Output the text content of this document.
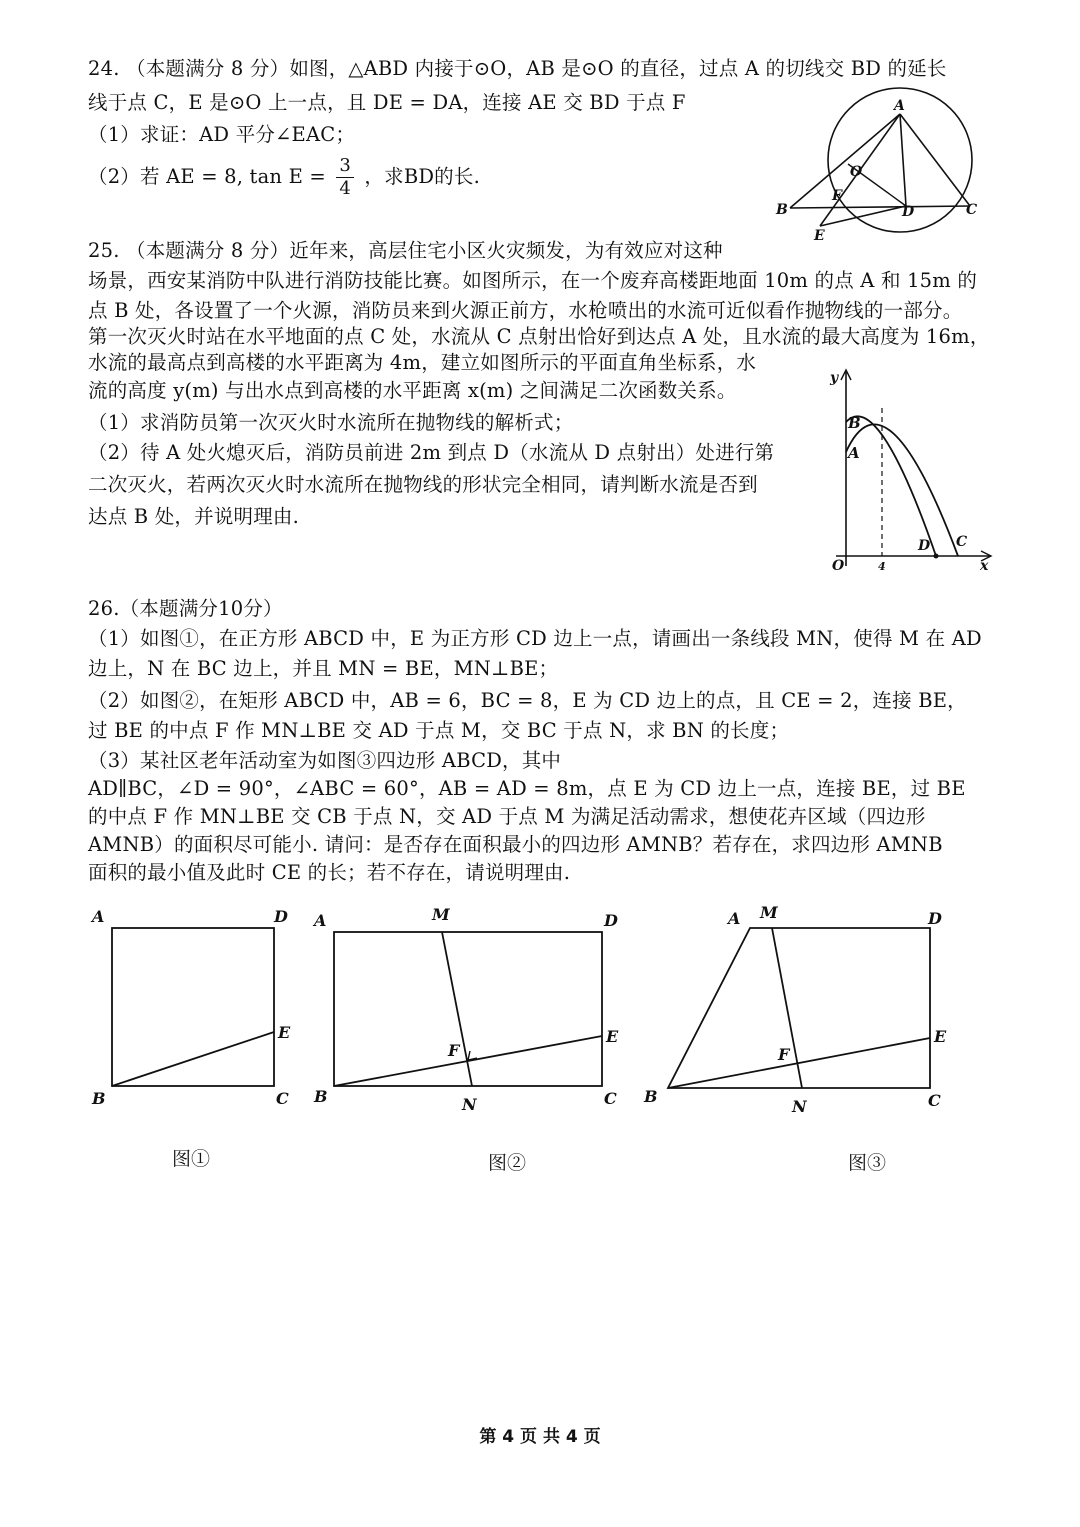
24. （本题满分 8 分）如图，△ABD 内接于⊙O，AB 是⊙O 的直径，过点 A 的切线交 BD 的延长
线于点 C，E 是⊙O 上一点，且 DE = DA，连接 AE 交 BD 于点 F
（1）求证：AD 平分∠EAC；
（2）若 AE = 8, $\tan E = \frac{3}{4}$ ，求BD的长.
A
B	C
D
E
F
O
25. （本题满分 8 分）近年来，高层住宅小区火灾频发，为有效应对这种
场景，西安某消防中队进行消防技能比赛。如图所示，在一个废弃高楼距地面 10m 的点 A 和 15m 的
点 B 处，各设置了一个火源，消防员来到火源正前方，水枪喷出的水流可近似看作抛物线的一部分。
第一次灭火时站在水平地面的点 C 处，水流从 C 点射出恰好到达点 A 处，且水流的最大高度为 16m，
水流的最高点到高楼的水平距离为 4m，建立如图所示的平面直角坐标系，水
流的高度 y(m) 与出水点到高楼的水平距离 x(m) 之间满足二次函数关系。
（1）求消防员第一次灭火时水流所在抛物线的解析式；
（2）待 A 处火熄灭后，消防员前进 2m 到点 D（水流从 D 点射出）处进行第
二次灭火，若两次灭火时水流所在抛物线的形状完全相同，请判断水流是否到
达点 B 处，并说明理由.
y
x
O
B
A
D C
4
26.（本题满分10分）
（1）如图①，在正方形 ABCD 中，E 为正方形 CD 边上一点，请画出一条线段 MN，使得 M 在 AD
边上，N 在 BC 边上，并且 MN = BE，MN⊥BE；
（2）如图②，在矩形 ABCD 中，AB = 6，BC = 8，E 为 CD 边上的点，且 CE = 2，连接 BE，
过 BE 的中点 F 作 MN⊥BE 交 AD 于点 M，交 BC 于点 N，求 BN 的长度；
（3）某社区老年活动室为如图③四边形 ABCD，其中
AD∥BC，∠D = 90°，∠ABC = 60°，AB = AD = 8m，点 E 为 CD 边上一点，连接 BE，过 BE
的中点 F 作 MN⊥BE 交 CB 于点 N，交 AD 于点 M 为满足活动需求，想使花卉区域（四边形
AMNB）的面积尽可能小. 请问：是否存在面积最小的四边形 AMNB？若存在，求四边形 AMNB
面积的最小值及此时 CE 的长；若不存在，请说明理由.
A	D
B	C
E
A	M	D
E
F
B	N	C
A M	D
E
F
B
N	C
图①	图②	图③
第 4 页 共 4 页
